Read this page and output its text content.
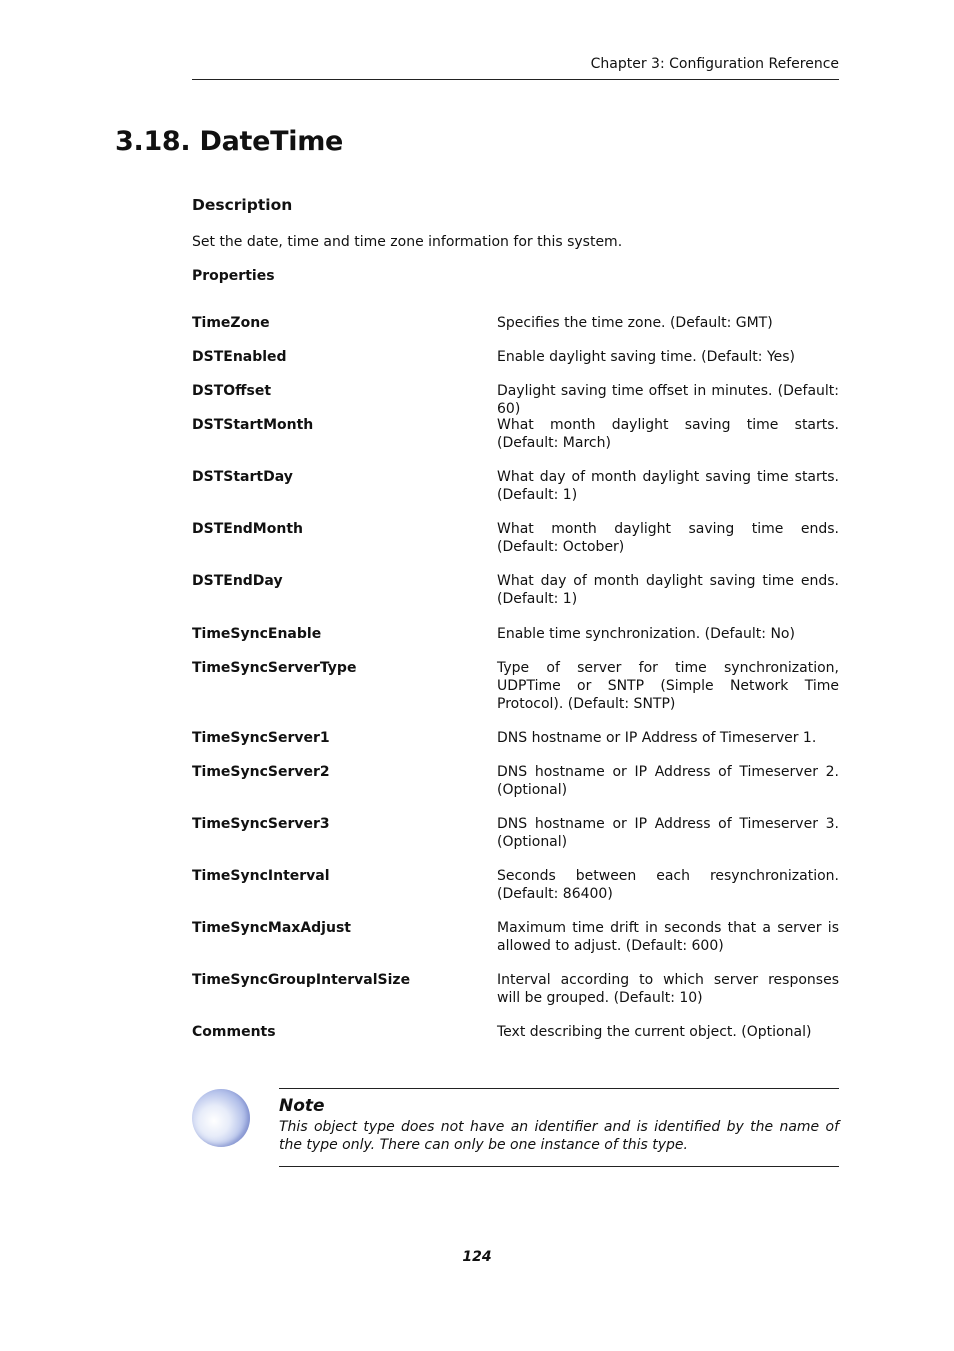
Chapter 3: Configuration Reference
3.18. DateTime
Description

Set the date, time and time zone information for this system.

Properties
TimeZone	Specifies the time zone. (Default: GMT)
DSTEnabled	Enable daylight saving time. (Default: Yes)
DSTOffset	Daylight saving time offset in minutes. (Default: 60)
DSTStartMonth	What month daylight saving time starts. (Default: March)
DSTStartDay	What day of month daylight saving time starts. (Default: 1)
DSTEndMonth	What month daylight saving time ends. (Default: October)
DSTEndDay	What day of month daylight saving time ends. (Default: 1)
TimeSyncEnable	Enable time synchronization. (Default: No)
TimeSyncServerType	Type of server for time synchronization, UDPTime or SNTP (Simple Network Time Protocol). (Default: SNTP)
TimeSyncServer1	DNS hostname or IP Address of Timeserver 1.
TimeSyncServer2	DNS hostname or IP Address of Timeserver 2. (Optional)
TimeSyncServer3	DNS hostname or IP Address of Timeserver 3. (Optional)
TimeSyncInterval	Seconds between each resynchronization. (Default: 86400)
TimeSyncMaxAdjust	Maximum time drift in seconds that a server is allowed to adjust. (Default: 600)
TimeSyncGroupIntervalSize	Interval according to which server responses will be grouped. (Default: 10)
Comments	Text describing the current object. (Optional)
Note
This object type does not have an identifier and is identified by the name of the type only. There can only be one instance of this type.
124
